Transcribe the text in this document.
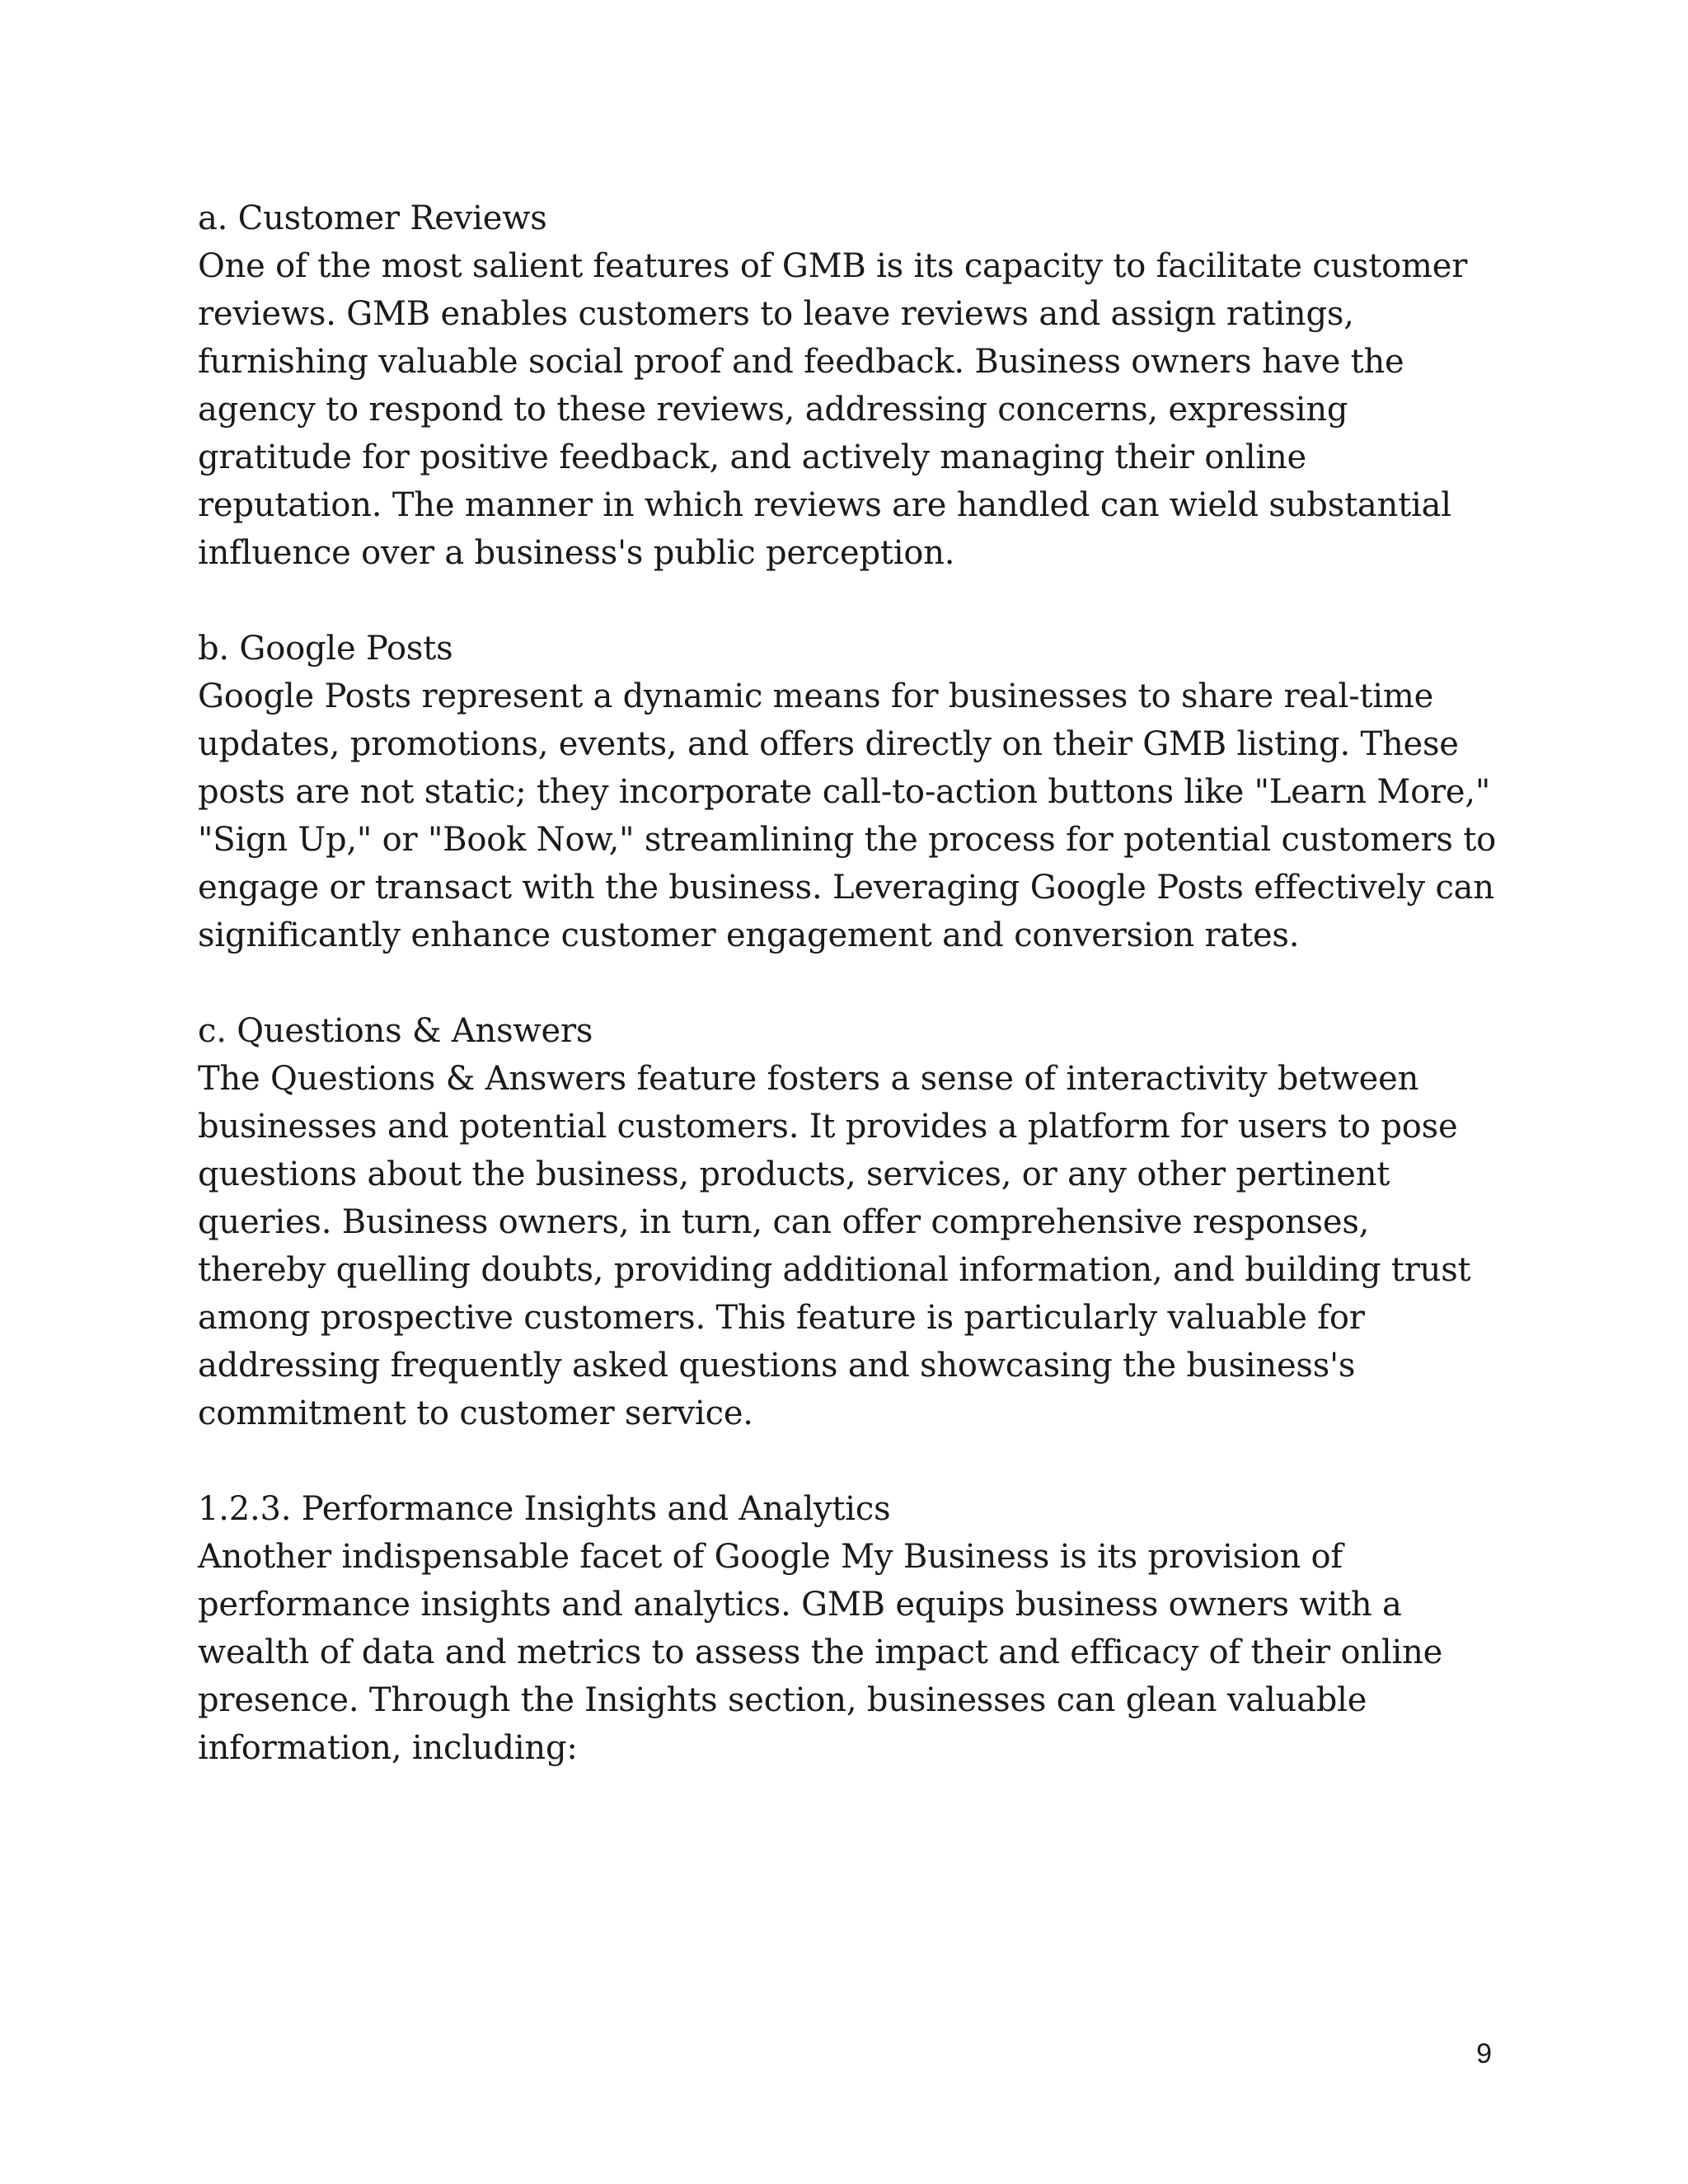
a. Customer Reviews

One of the most salient features of GMB is its capacity to facilitate customer reviews. GMB enables customers to leave reviews and assign ratings, furnishing valuable social proof and feedback. Business owners have the agency to respond to these reviews, addressing concerns, expressing gratitude for positive feedback, and actively managing their online reputation. The manner in which reviews are handled can wield substantial influence over a business's public perception.

b. Google Posts

Google Posts represent a dynamic means for businesses to share real-time updates, promotions, events, and offers directly on their GMB listing. These posts are not static; they incorporate call-to-action buttons like "Learn More," "Sign Up," or "Book Now," streamlining the process for potential customers to engage or transact with the business. Leveraging Google Posts effectively can significantly enhance customer engagement and conversion rates.

c. Questions & Answers

The Questions & Answers feature fosters a sense of interactivity between businesses and potential customers. It provides a platform for users to pose questions about the business, products, services, or any other pertinent queries. Business owners, in turn, can offer comprehensive responses, thereby quelling doubts, providing additional information, and building trust among prospective customers. This feature is particularly valuable for addressing frequently asked questions and showcasing the business's commitment to customer service.

1.2.3. Performance Insights and Analytics

Another indispensable facet of Google My Business is its provision of performance insights and analytics. GMB equips business owners with a wealth of data and metrics to assess the impact and efficacy of their online presence. Through the Insights section, businesses can glean valuable information, including:

9
